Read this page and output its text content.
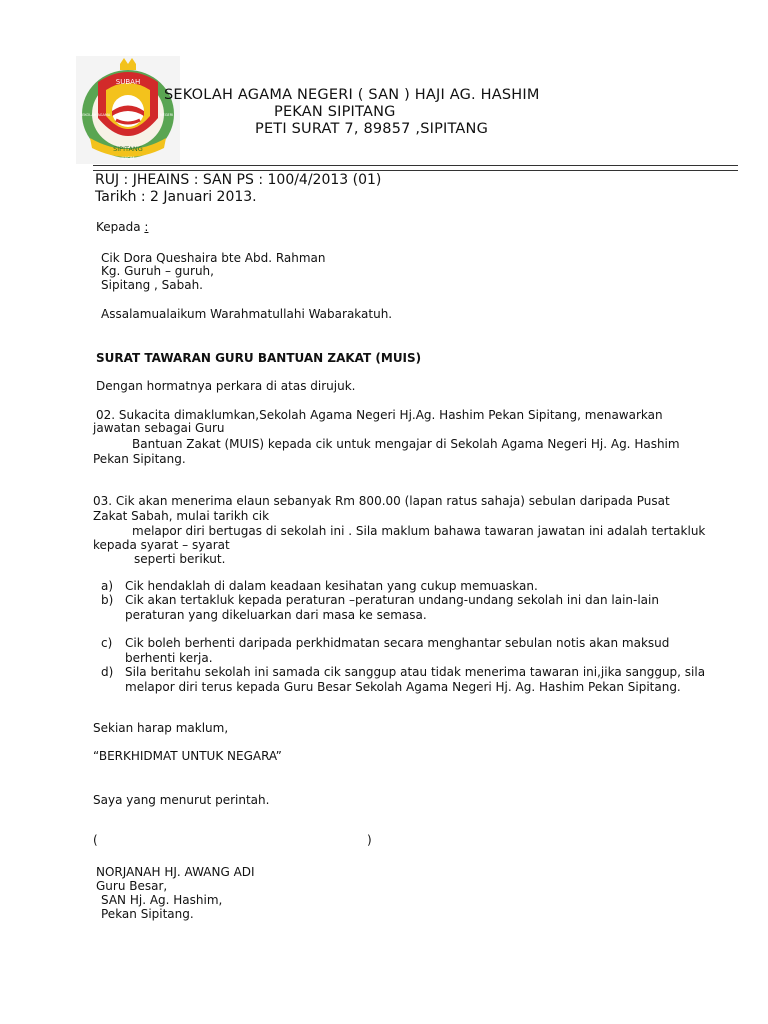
SUBAH
SIPITANG
SEKOLAH AGAMA	NEGERI
HASIM
SEKOLAH AGAMA NEGERI ( SAN ) HAJI AG. HASHIM
PEKAN SIPITANG
PETI SURAT 7, 89857 ,SIPITANG
RUJ : JHEAINS : SAN PS : 100/4/2013 (01)
Tarikh : 2 Januari 2013.
Kepada :
Cik Dora Queshaira bte Abd. Rahman
Kg. Guruh – guruh,
Sipitang , Sabah.
Assalamualaikum Warahmatullahi Wabarakatuh.
SURAT TAWARAN GURU BANTUAN ZAKAT (MUIS)
Dengan hormatnya perkara di atas dirujuk.
02. Sukacita dimaklumkan,Sekolah Agama Negeri Hj.Ag. Hashim Pekan Sipitang, menawarkan
jawatan sebagai Guru
Bantuan Zakat (MUIS) kepada cik untuk mengajar di Sekolah Agama Negeri Hj. Ag. Hashim
Pekan Sipitang.
03. Cik akan menerima elaun sebanyak Rm 800.00 (lapan ratus sahaja) sebulan daripada Pusat
Zakat Sabah, mulai tarikh cik
melapor diri bertugas di sekolah ini . Sila maklum bahawa tawaran jawatan ini adalah tertakluk
kepada syarat – syarat
seperti berikut.
a) Cik hendaklah di dalam keadaan kesihatan yang cukup memuaskan.
b) Cik akan tertakluk kepada peraturan –peraturan undang-undang sekolah ini dan lain-lain
peraturan yang dikeluarkan dari masa ke semasa.
c) Cik boleh berhenti daripada perkhidmatan secara menghantar sebulan notis akan maksud
berhenti kerja.
d) Sila beritahu sekolah ini samada cik sanggup atau tidak menerima tawaran ini,jika sanggup, sila
melapor diri terus kepada Guru Besar Sekolah Agama Negeri Hj. Ag. Hashim Pekan Sipitang.
Sekian harap maklum,
“BERKHIDMAT UNTUK NEGARA”
Saya yang menurut perintah.
(	)
NORJANAH HJ. AWANG ADI
Guru Besar,
SAN Hj. Ag. Hashim,
Pekan Sipitang.
